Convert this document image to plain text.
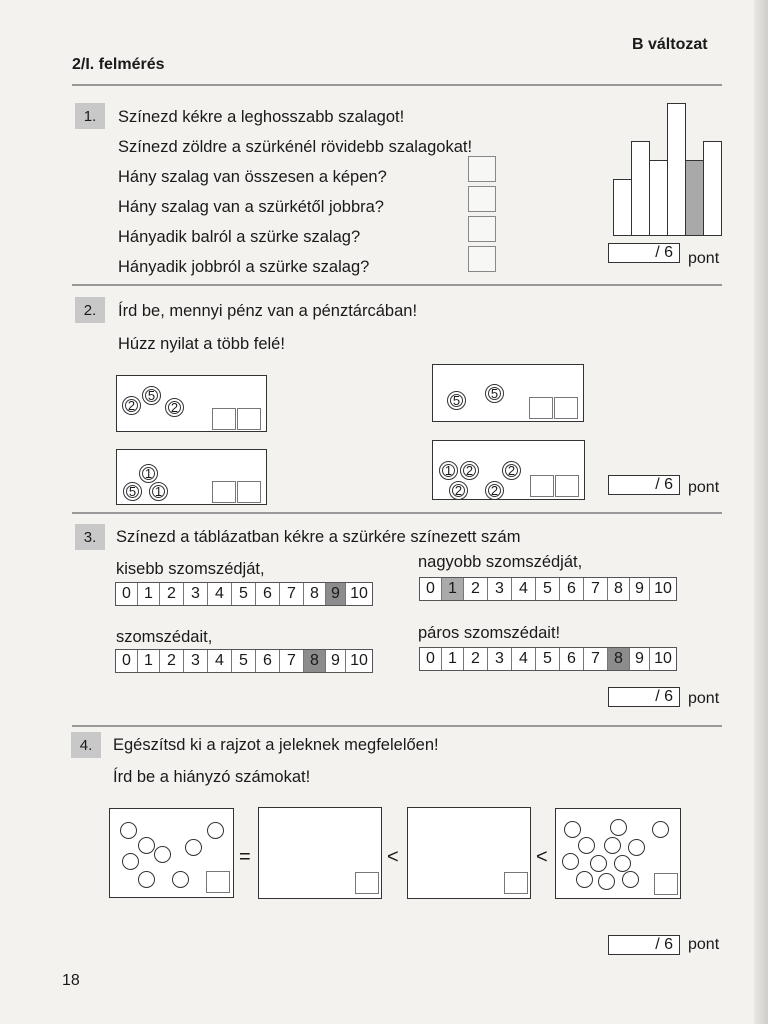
2/I. felmérés
B változat
1.	Színezd kékre a leghosszabb szalagot!
Színezd zöldre a szürkénél rövidebb szalagokat!
Hány szalag van összesen a képen?
Hány szalag van a szürkétől jobbra?
Hányadik balról a szürke szalag?
Hányadik jobbról a szürke szalag?
/ 6 pont
2.	Írd be, mennyi pénz van a pénztárcában!
Húzz nyilat a több felé!
2
5
2	5 5
1
5 1
1 2	2
2 2	/ 6 pont
3.	Színezd a táblázatban kékre a szürkére színezett szám
kisebb szomszédját,
0 1 2 3 4 5 6 7 8 9 10
nagyobb szomszédját,
0 1 2 3 4 5 6 7 8 9 10
szomszédait,
0 1 2 3 4 5 6 7 8 9 10
páros szomszédait!
0 1 2 3 4 5 6 7 8 9 10
/ 6 pont
4.	Egészítsd ki a rajzot a jeleknek megfelelően!
Írd be a hiányzó számokat!
=	<	<
/ 6 pont
18
